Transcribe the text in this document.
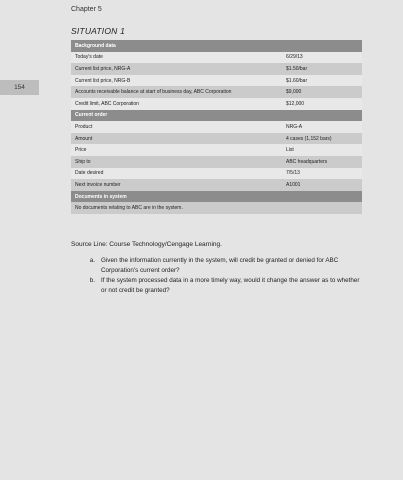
Chapter 5
SITUATION 1
154
Background data
Today's date	6/29/13
Current list price, NRG-A	$1.50/bar
Current list price, NRG-B	$1.60/bar
Accounts receivable balance at start of business day, ABC Corporation	$9,000
Credit limit, ABC Corporation	$12,000
Current order
Product	NRG-A
Amount	4 cases (1,152 bars)
Price	List
Ship to	ABC headquarters
Date desired	7/5/13
Next invoice number	A1001
Documents in system
No documents relating to ABC are in the system.
Source Line: Course Technology/Cengage Learning.
a. Given the information currently in the system, will credit be granted or denied for ABC Corporation's current order?
b. If the system processed data in a more timely way, would it change the answer as to whether or not credit be granted?
